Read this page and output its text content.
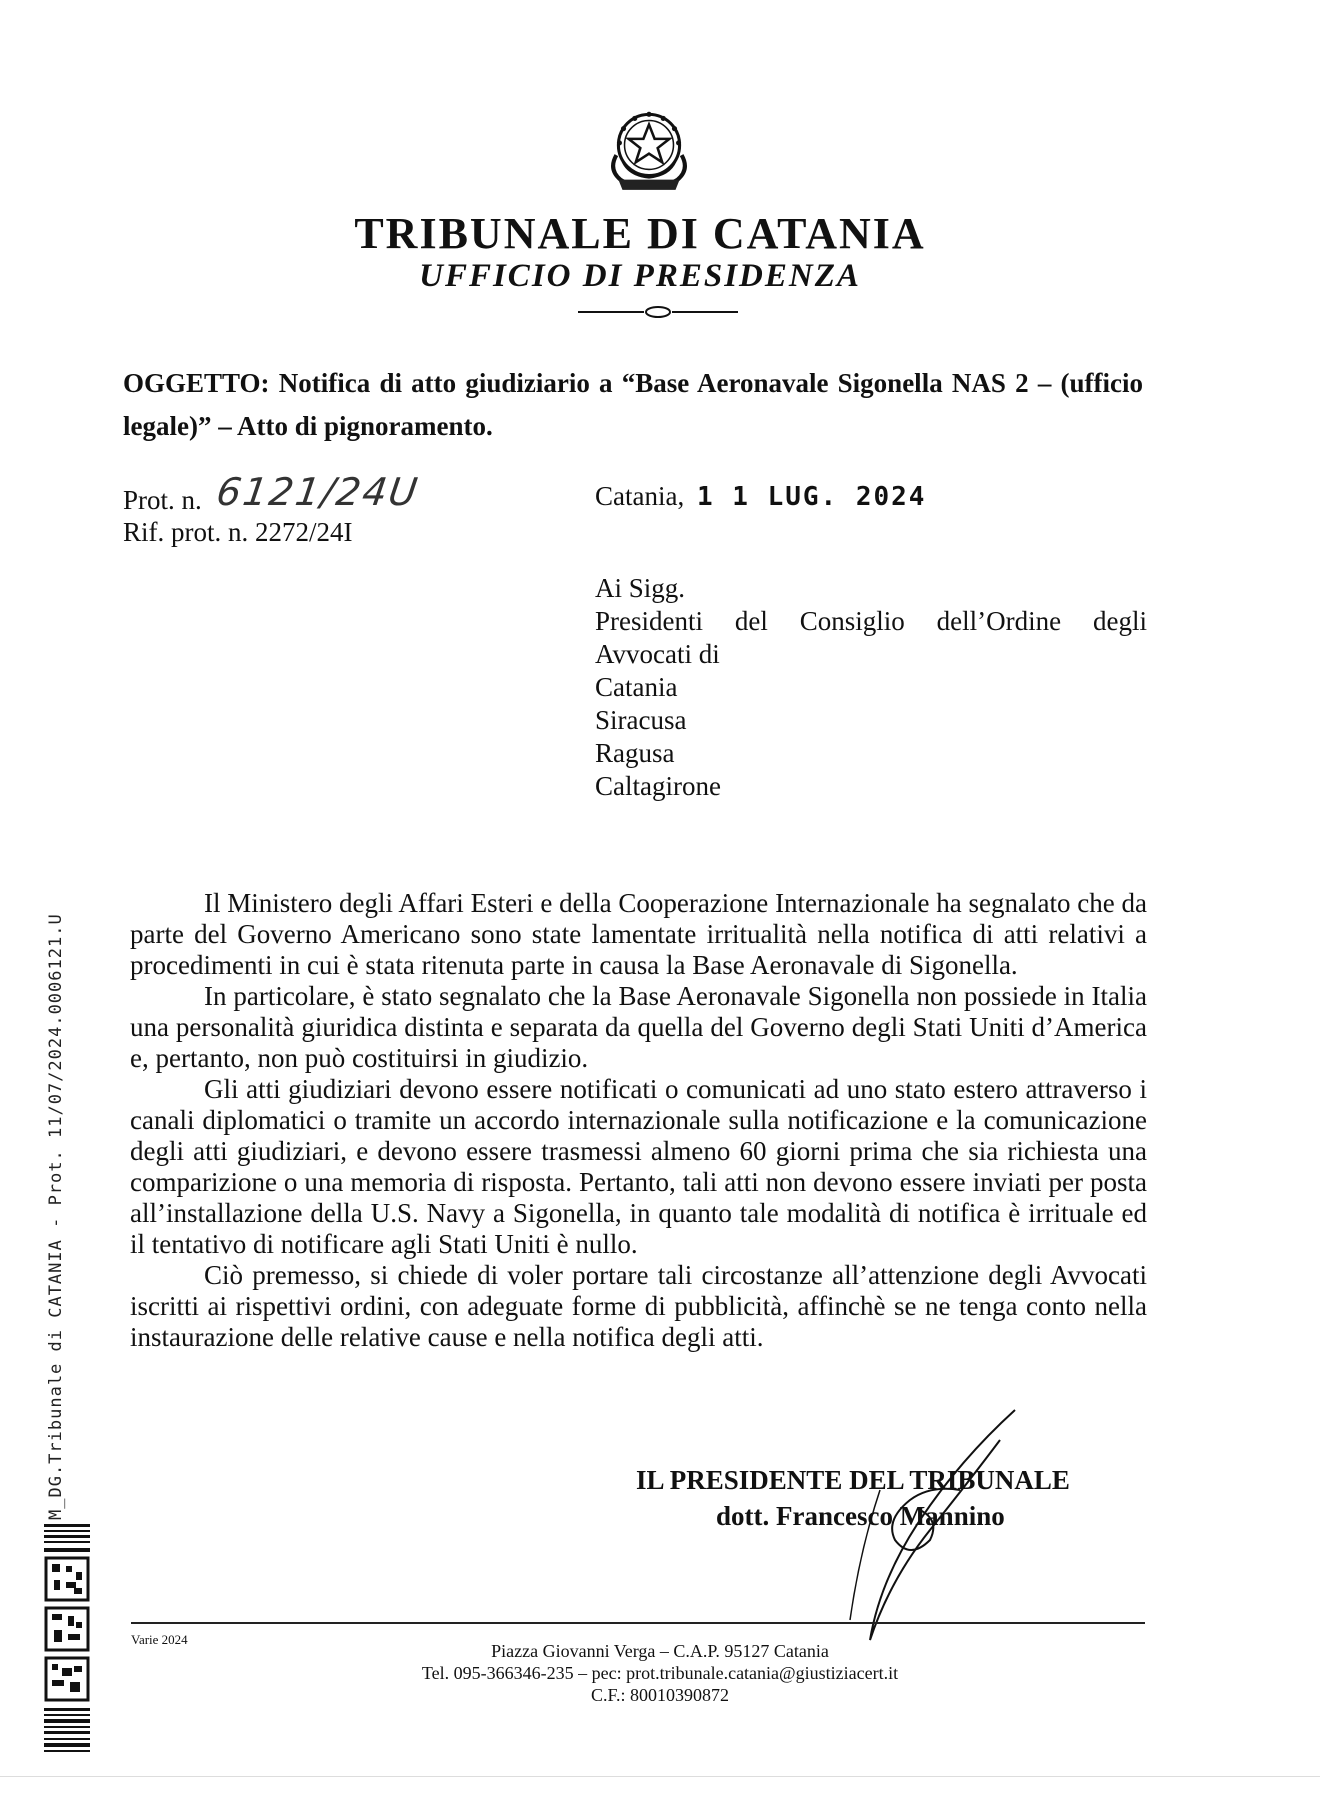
TRIBUNALE DI CATANIA
UFFICIO DI PRESIDENZA
OGGETTO: Notifica di atto giudiziario a “Base Aeronavale Sigonella NAS 2 – (ufficio legale)” – Atto di pignoramento.
Prot. n. 6121/24U
Rif. prot. n. 2272/24I
Catania, 1 1 LUG. 2024
Ai Sigg.
Presidenti del Consiglio dell’Ordine degli
Avvocati di
Catania
Siracusa
Ragusa
Caltagirone

Il Ministero degli Affari Esteri e della Cooperazione Internazionale ha segnalato che da parte del Governo Americano sono state lamentate irritualità nella notifica di atti relativi a procedimenti in cui è stata ritenuta parte in causa la Base Aeronavale di Sigonella.

In particolare, è stato segnalato che la Base Aeronavale Sigonella non possiede in Italia una personalità giuridica distinta e separata da quella del Governo degli Stati Uniti d’America e, pertanto, non può costituirsi in giudizio.

Gli atti giudiziari devono essere notificati o comunicati ad uno stato estero attraverso i canali diplomatici o tramite un accordo internazionale sulla notificazione e la comunicazione degli atti giudiziari, e devono essere trasmessi almeno 60 giorni prima che sia richiesta una comparizione o una memoria di risposta. Pertanto, tali atti non devono essere inviati per posta all’installazione della U.S. Navy a Sigonella, in quanto tale modalità di notifica è irrituale ed il tentativo di notificare agli Stati Uniti è nullo.

Ciò premesso, si chiede di voler portare tali circostanze all’attenzione degli Avvocati iscritti ai rispettivi ordini, con adeguate forme di pubblicità, affinchè se ne tenga conto nella instaurazione delle relative cause e nella notifica degli atti.

IL PRESIDENTE DEL TRIBUNALE
dott. Francesco Mannino
M_DG.Tribunale di CATANIA - Prot. 11/07/2024.0006121.U
Varie 2024
Piazza Giovanni Verga – C.A.P. 95127 Catania
Tel. 095-366346-235 – pec: prot.tribunale.catania@giustiziacert.it
C.F.: 80010390872
